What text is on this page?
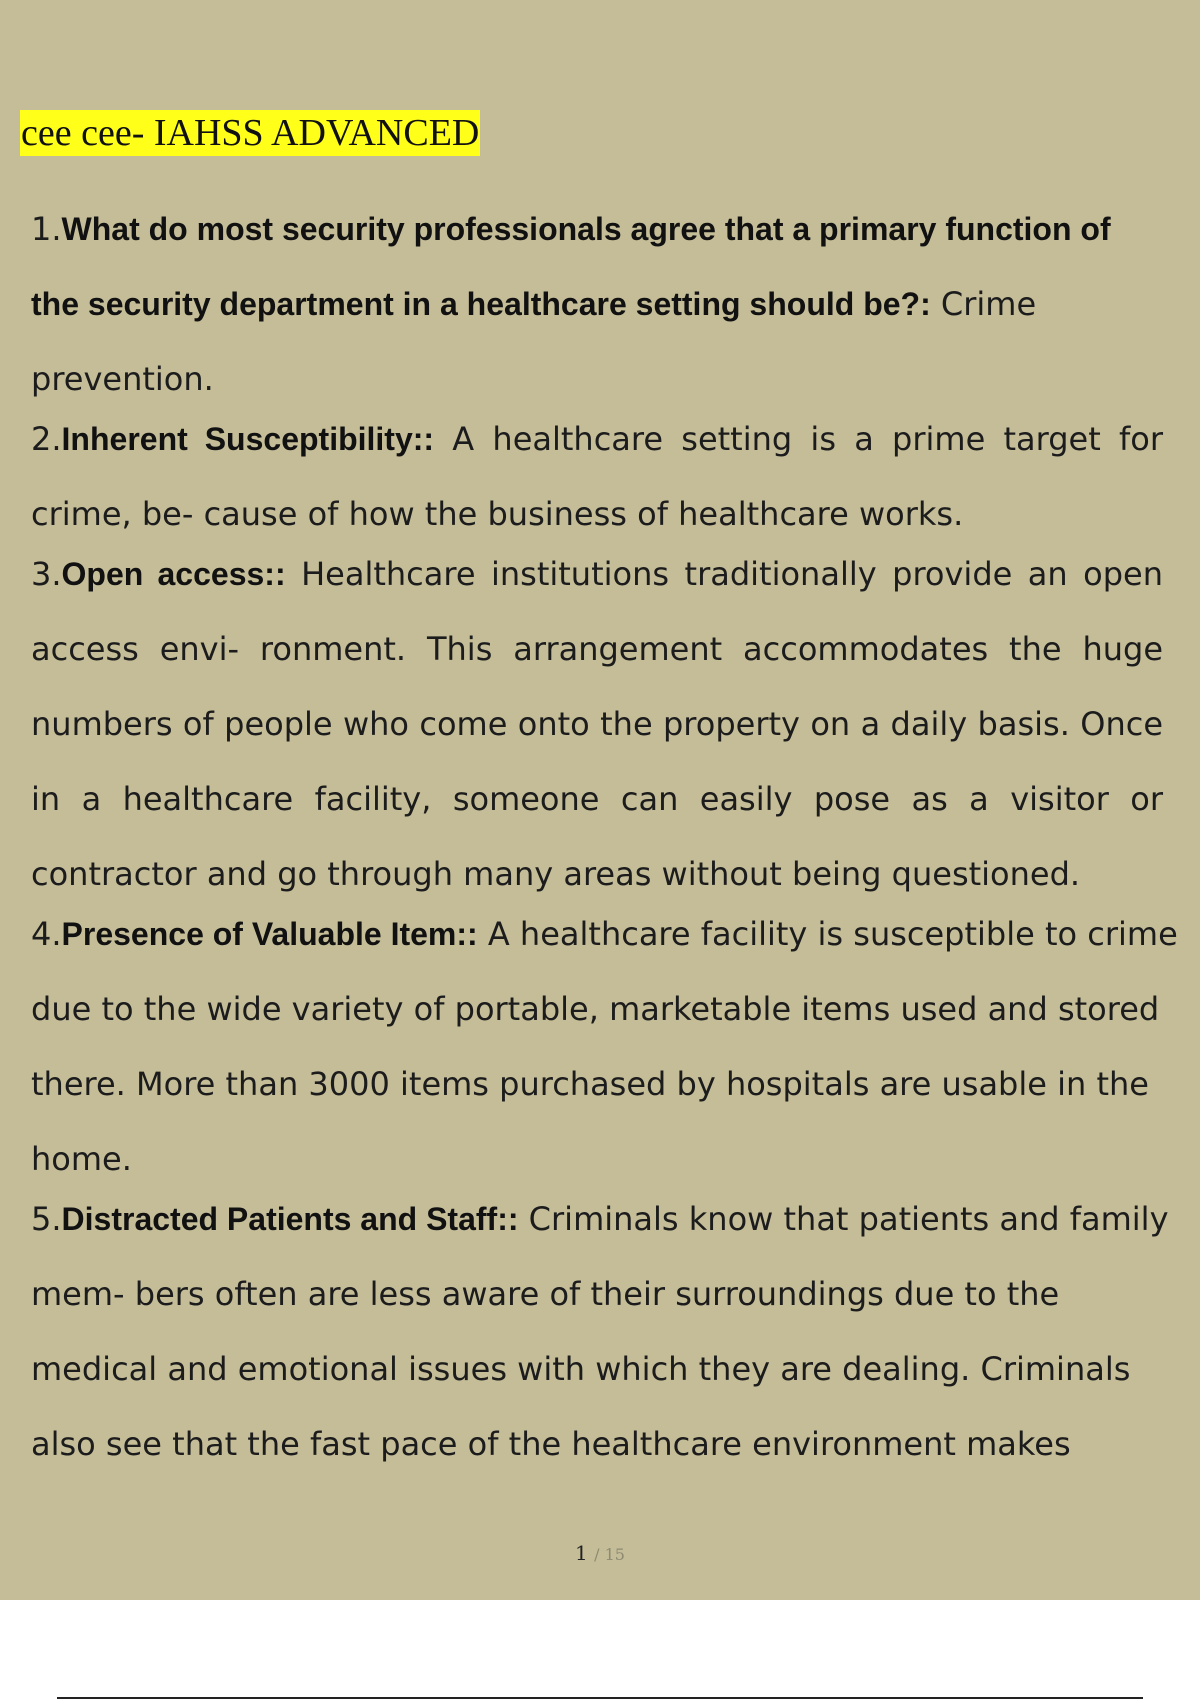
cee cee- IAHSS ADVANCED
1.What do most security professionals agree that a primary function of
the security department in a healthcare setting should be?: Crime
prevention.
2.Inherent Susceptibility:: A healthcare setting is a prime target for
crime, be- cause of how the business of healthcare works.
3.Open access:: Healthcare institutions traditionally provide an open
access envi- ronment. This arrangement accommodates the huge
numbers of people who come onto the property on a daily basis. Once
in a healthcare facility, someone can easily pose as a visitor or
contractor and go through many areas without being questioned.
4.Presence of Valuable Item:: A healthcare facility is susceptible to crime
due to the wide variety of portable, marketable items used and stored
there. More than 3000 items purchased by hospitals are usable in the
home.
5.Distracted Patients and Staff:: Criminals know that patients and family
mem- bers often are less aware of their surroundings due to the
medical and emotional issues with which they are dealing. Criminals
also see that the fast pace of the healthcare environment makes
1 / 15
